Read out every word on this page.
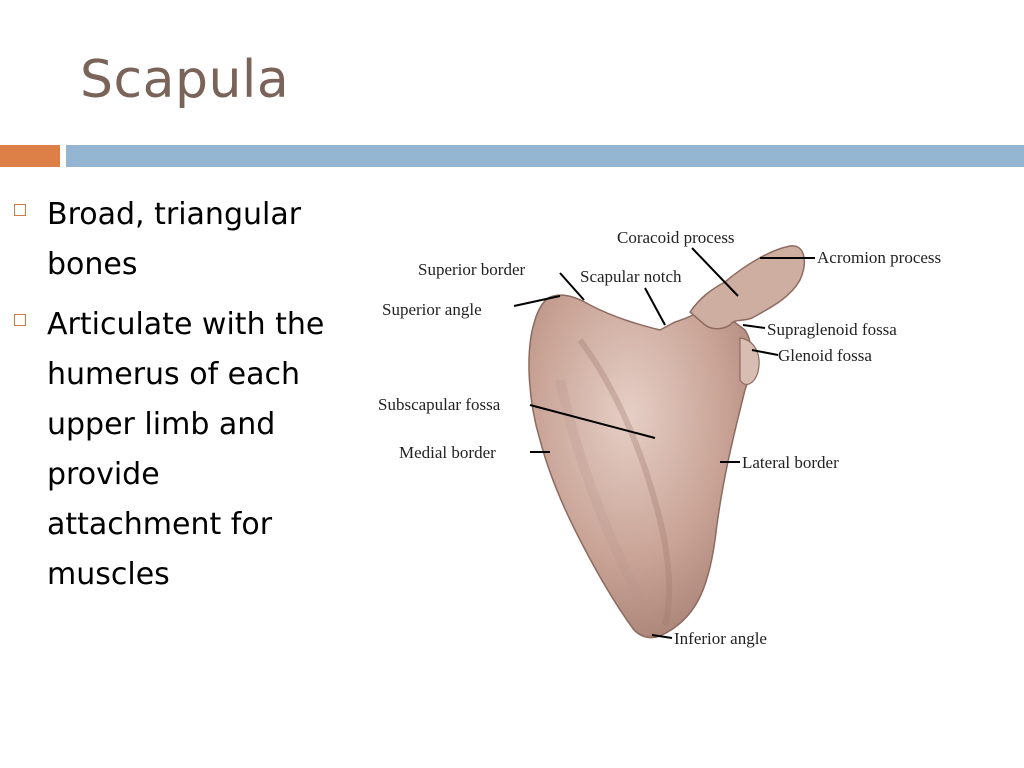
Scapula
Broad, triangular bones
Articulate with the humerus of each upper limb and provide attachment for muscles
Coracoid process
Acromion process
Superior border	Scapular notch
Superior angle
Supraglenoid fossa
Glenoid fossa
Subscapular fossa
Medial border
Lateral border
Inferior angle
